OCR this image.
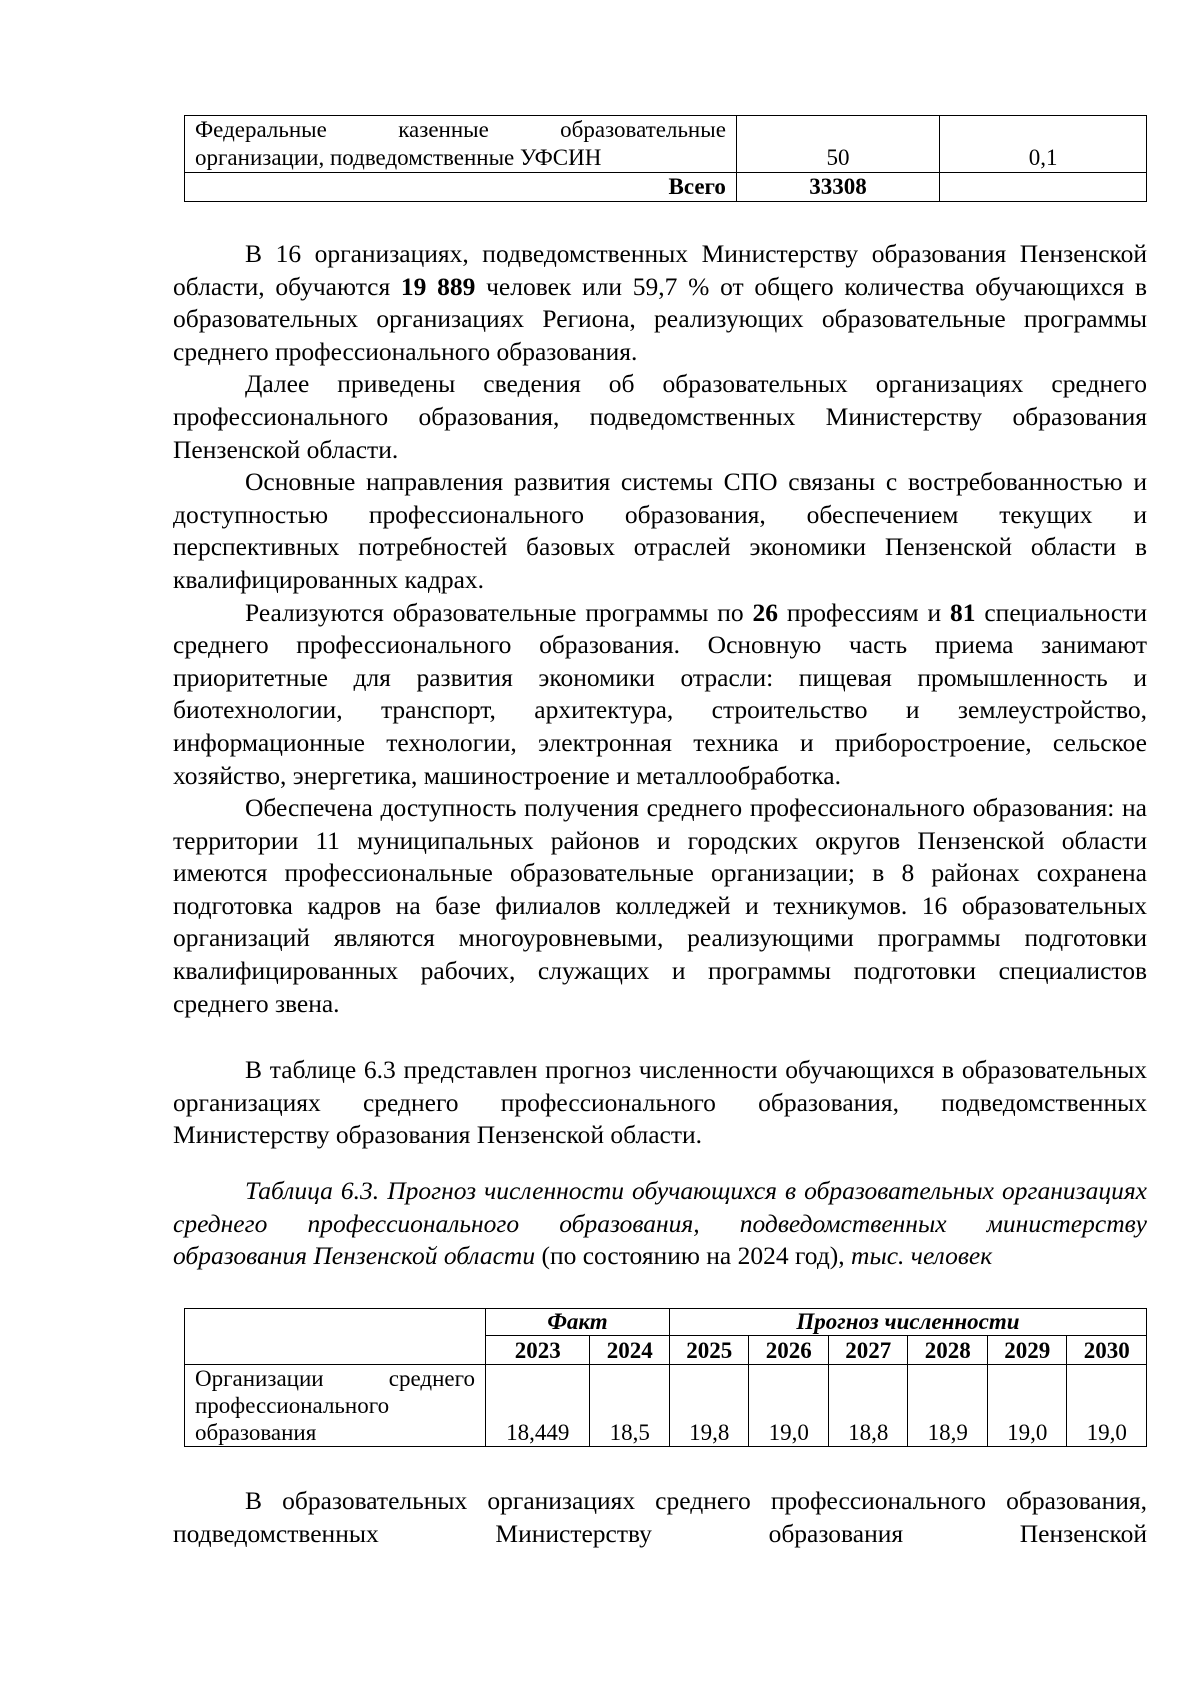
Федеральные казенные образовательные
организации, подведомственные УФСИН	50	0,1
Всего	33308	

В 16 организациях, подведомственных Министерству образования Пензенской области, обучаются 19 889 человек или 59,7 % от общего количества обучающихся в образовательных организациях Региона, реализующих образовательные программы среднего профессионального образования.

Далее приведены сведения об образовательных организациях среднего профессионального образования, подведомственных Министерству образования Пензенской области.

Основные направления развития системы СПО связаны с востребованностью и доступностью профессионального образования, обеспечением текущих и перспективных потребностей базовых отраслей экономики Пензенской области в квалифицированных кадрах.

Реализуются образовательные программы по 26 профессиям и 81 специальности среднего профессионального образования. Основную часть приема занимают приоритетные для развития экономики отрасли: пищевая промышленность и биотехнологии, транспорт, архитектура, строительство и землеустройство, информационные технологии, электронная техника и приборостроение, сельское хозяйство, энергетика, машиностроение и металлообработка.

Обеспечена доступность получения среднего профессионального образования: на территории 11 муниципальных районов и городских округов Пензенской области имеются профессиональные образовательные организации; в 8 районах сохранена подготовка кадров на базе филиалов колледжей и техникумов. 16 образовательных организаций являются многоуровневыми, реализующими программы подготовки квалифицированных рабочих, служащих и программы подготовки специалистов среднего звена.

В таблице 6.3 представлен прогноз численности обучающихся в образовательных организациях среднего профессионального образования, подведомственных Министерству образования Пензенской области.

Таблица 6.3. Прогноз численности обучающихся в образовательных организациях среднего профессионального образования, подведомственных министерству образования Пензенской области (по состоянию на 2024 год), тыс. человек

	Факт		Прогноз численности					
	2023	2024	2025	2026	2027	2028	2029	2030

Организации среднего
профессионального
образования	18,449	18,5	19,8	19,0	18,8	18,9	19,0	19,0

В образовательных организациях среднего профессионального образования, подведомственных Министерству образования Пензенской
